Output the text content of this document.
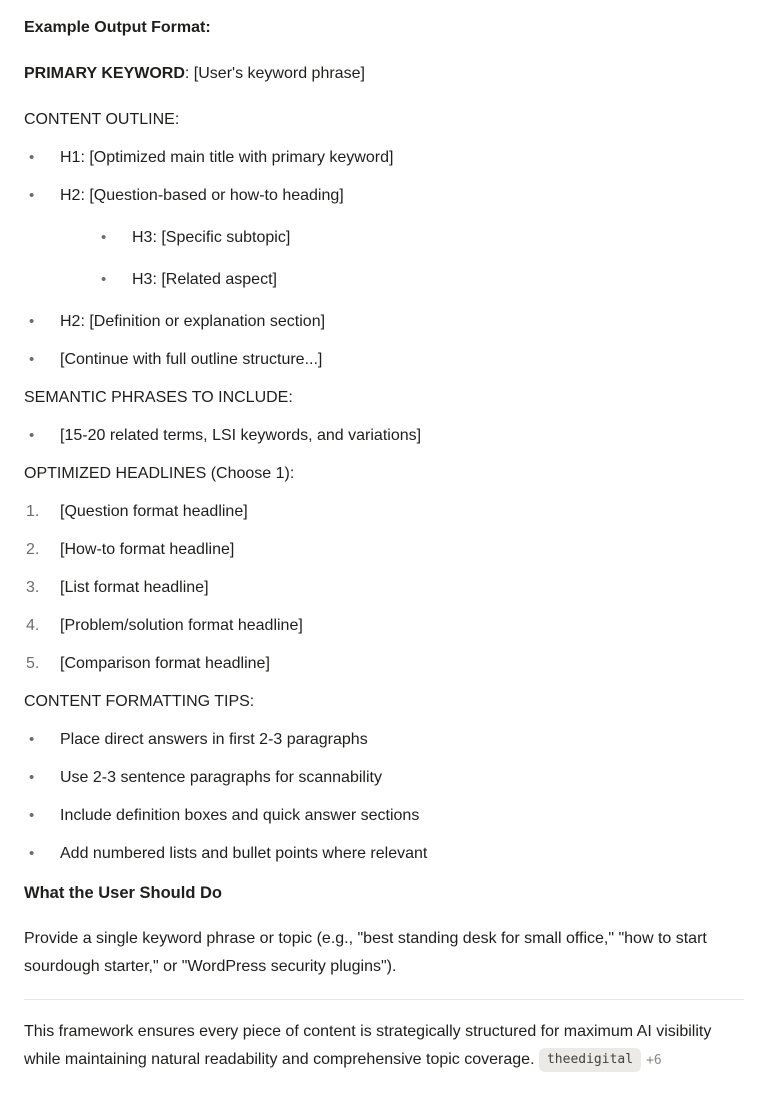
Example Output Format:

PRIMARY KEYWORD: [User's keyword phrase]

CONTENT OUTLINE:

• H1: [Optimized main title with primary keyword]
• H2: [Question-based or how-to heading]
• H3: [Specific subtopic]
• H3: [Related aspect]
• H2: [Definition or explanation section]
• [Continue with full outline structure...]

SEMANTIC PHRASES TO INCLUDE:

• [15-20 related terms, LSI keywords, and variations]

OPTIMIZED HEADLINES (Choose 1):

1.	[Question format headline]
2.	[How-to format headline]
3.	[List format headline]
4.	[Problem/solution format headline]
5.	[Comparison format headline]

CONTENT FORMATTING TIPS:

• Place direct answers in first 2-3 paragraphs
• Use 2-3 sentence paragraphs for scannability
• Include definition boxes and quick answer sections
• Add numbered lists and bullet points where relevant

What the User Should Do

Provide a single keyword phrase or topic (e.g., "best standing desk for small office," "how to start sourdough starter," or "WordPress security plugins").

This framework ensures every piece of content is strategically structured for maximum AI visibility while maintaining natural readability and comprehensive topic coverage. theedigital +6
